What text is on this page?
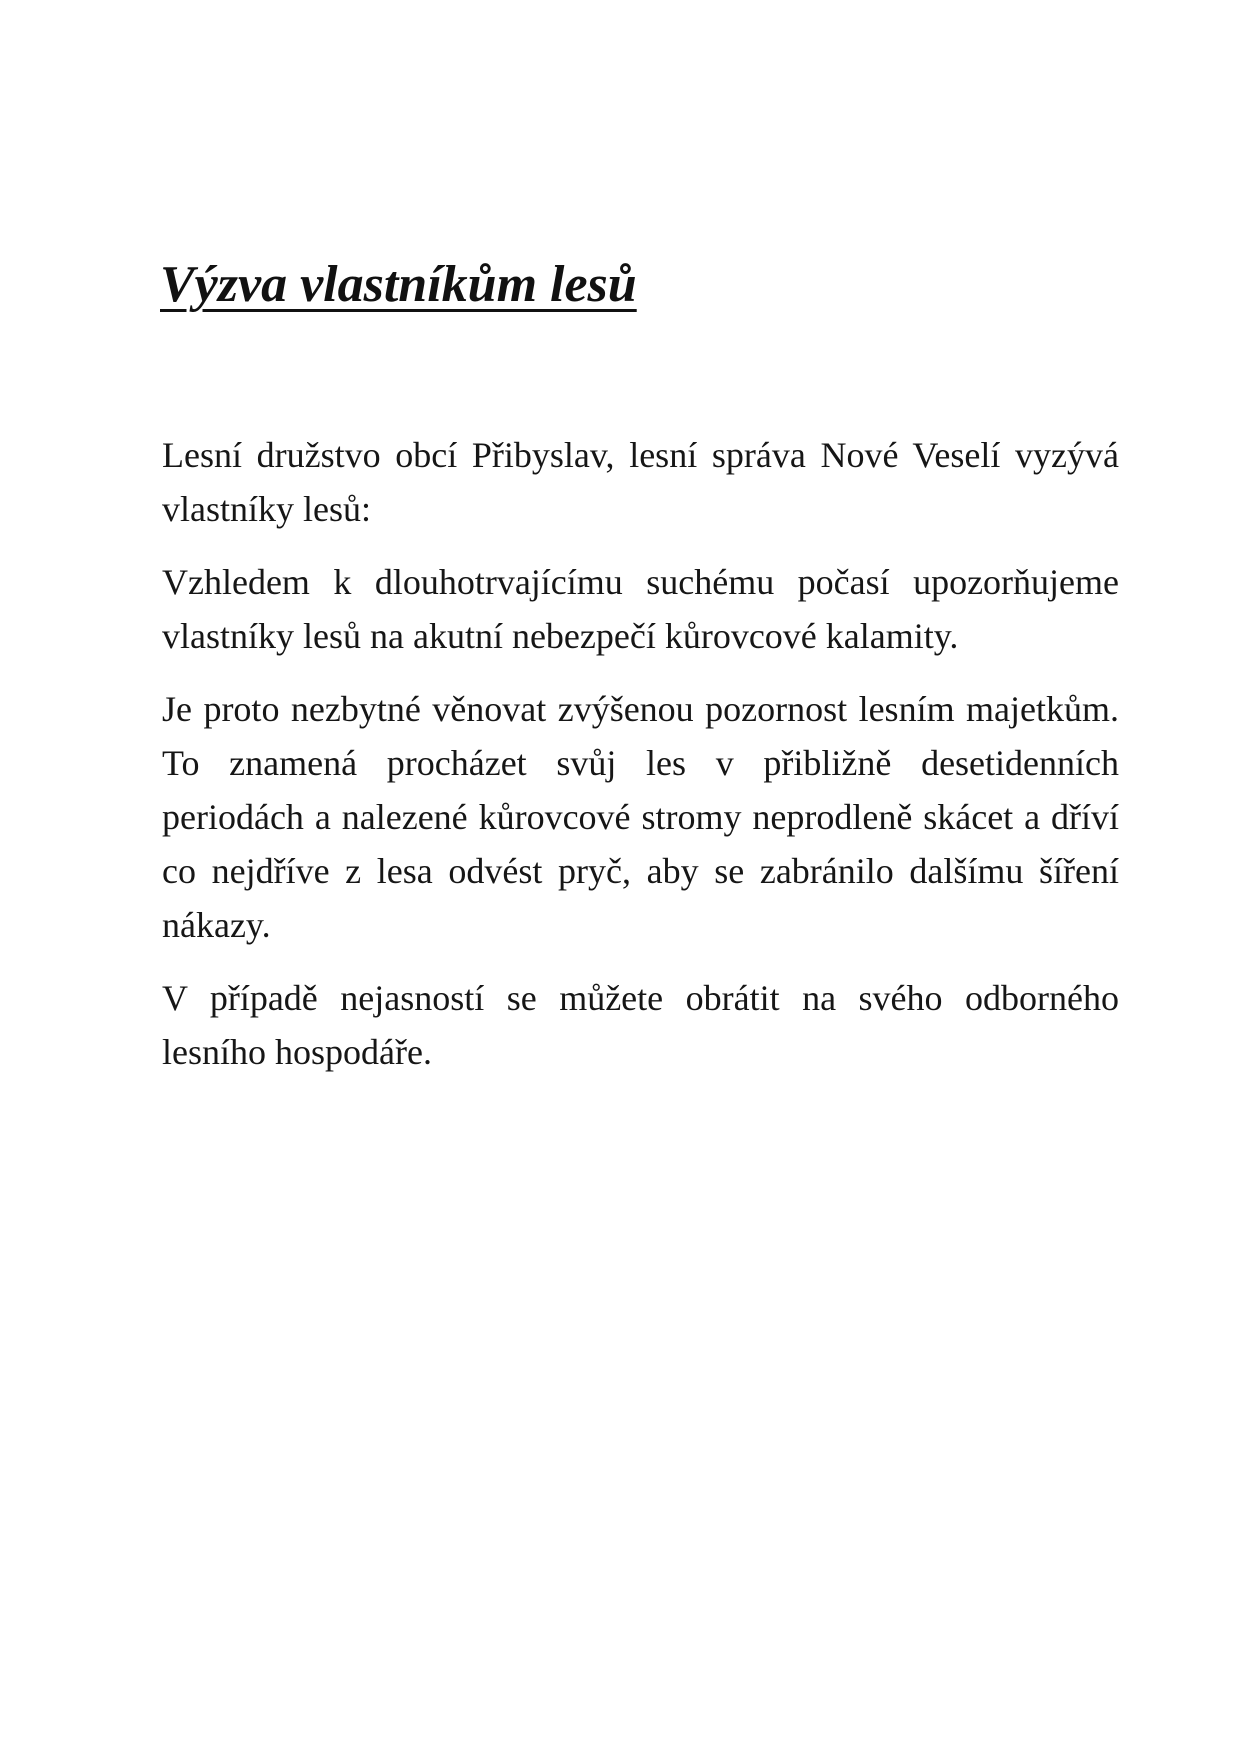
Výzva vlastníkům lesů

Lesní družstvo obcí Přibyslav, lesní správa Nové Veselí vyzývá vlastníky lesů:

Vzhledem k dlouhotrvajícímu suchému počasí upozorňujeme vlastníky lesů na akutní nebezpečí kůrovcové kalamity.

Je proto nezbytné věnovat zvýšenou pozornost lesním majetkům. To znamená procházet svůj les v přibližně desetidenních periodách a nalezené kůrovcové stromy neprodleně skácet a dříví co nejdříve z lesa odvést pryč, aby se zabránilo dalšímu šíření nákazy.

V případě nejasností se můžete obrátit na svého odborného lesního hospodáře.
